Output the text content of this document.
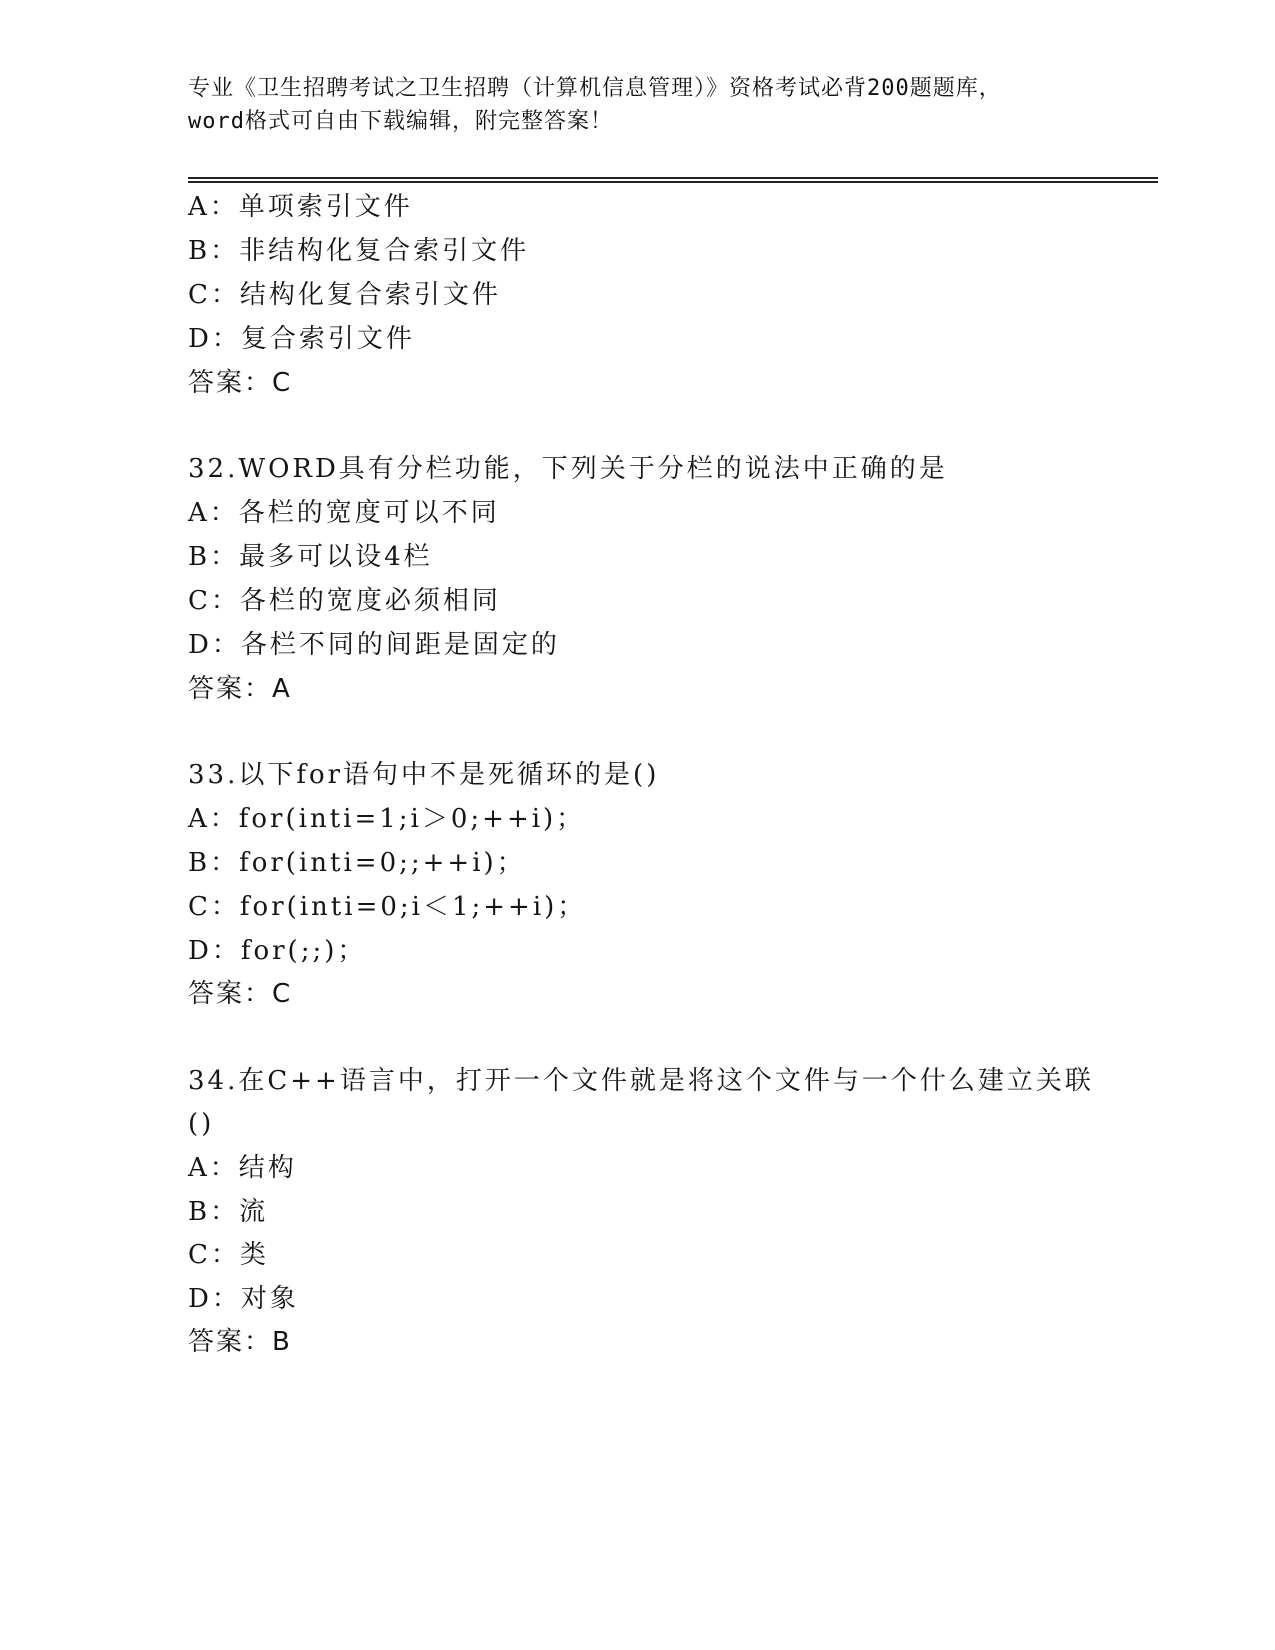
专业《卫生招聘考试之卫生招聘（计算机信息管理）》资格考试必背200题题库，
word格式可自由下载编辑，附完整答案！
A：单项索引文件
B：非结构化复合索引文件
C：结构化复合索引文件
D：复合索引文件
答案：C
32.WORD具有分栏功能，下列关于分栏的说法中正确的是
A：各栏的宽度可以不同
B：最多可以设4栏
C：各栏的宽度必须相同
D：各栏不同的间距是固定的
答案：A
33.以下for语句中不是死循环的是()
A：for(inti=1;i＞0;++i)；
B：for(inti=0;;++i)；
C：for(inti=0;i＜1;++i)；
D：for(;;)；
答案：C
34.在C++语言中，打开一个文件就是将这个文件与一个什么建立关联
()
A：结构
B：流
C：类
D：对象
答案：B
